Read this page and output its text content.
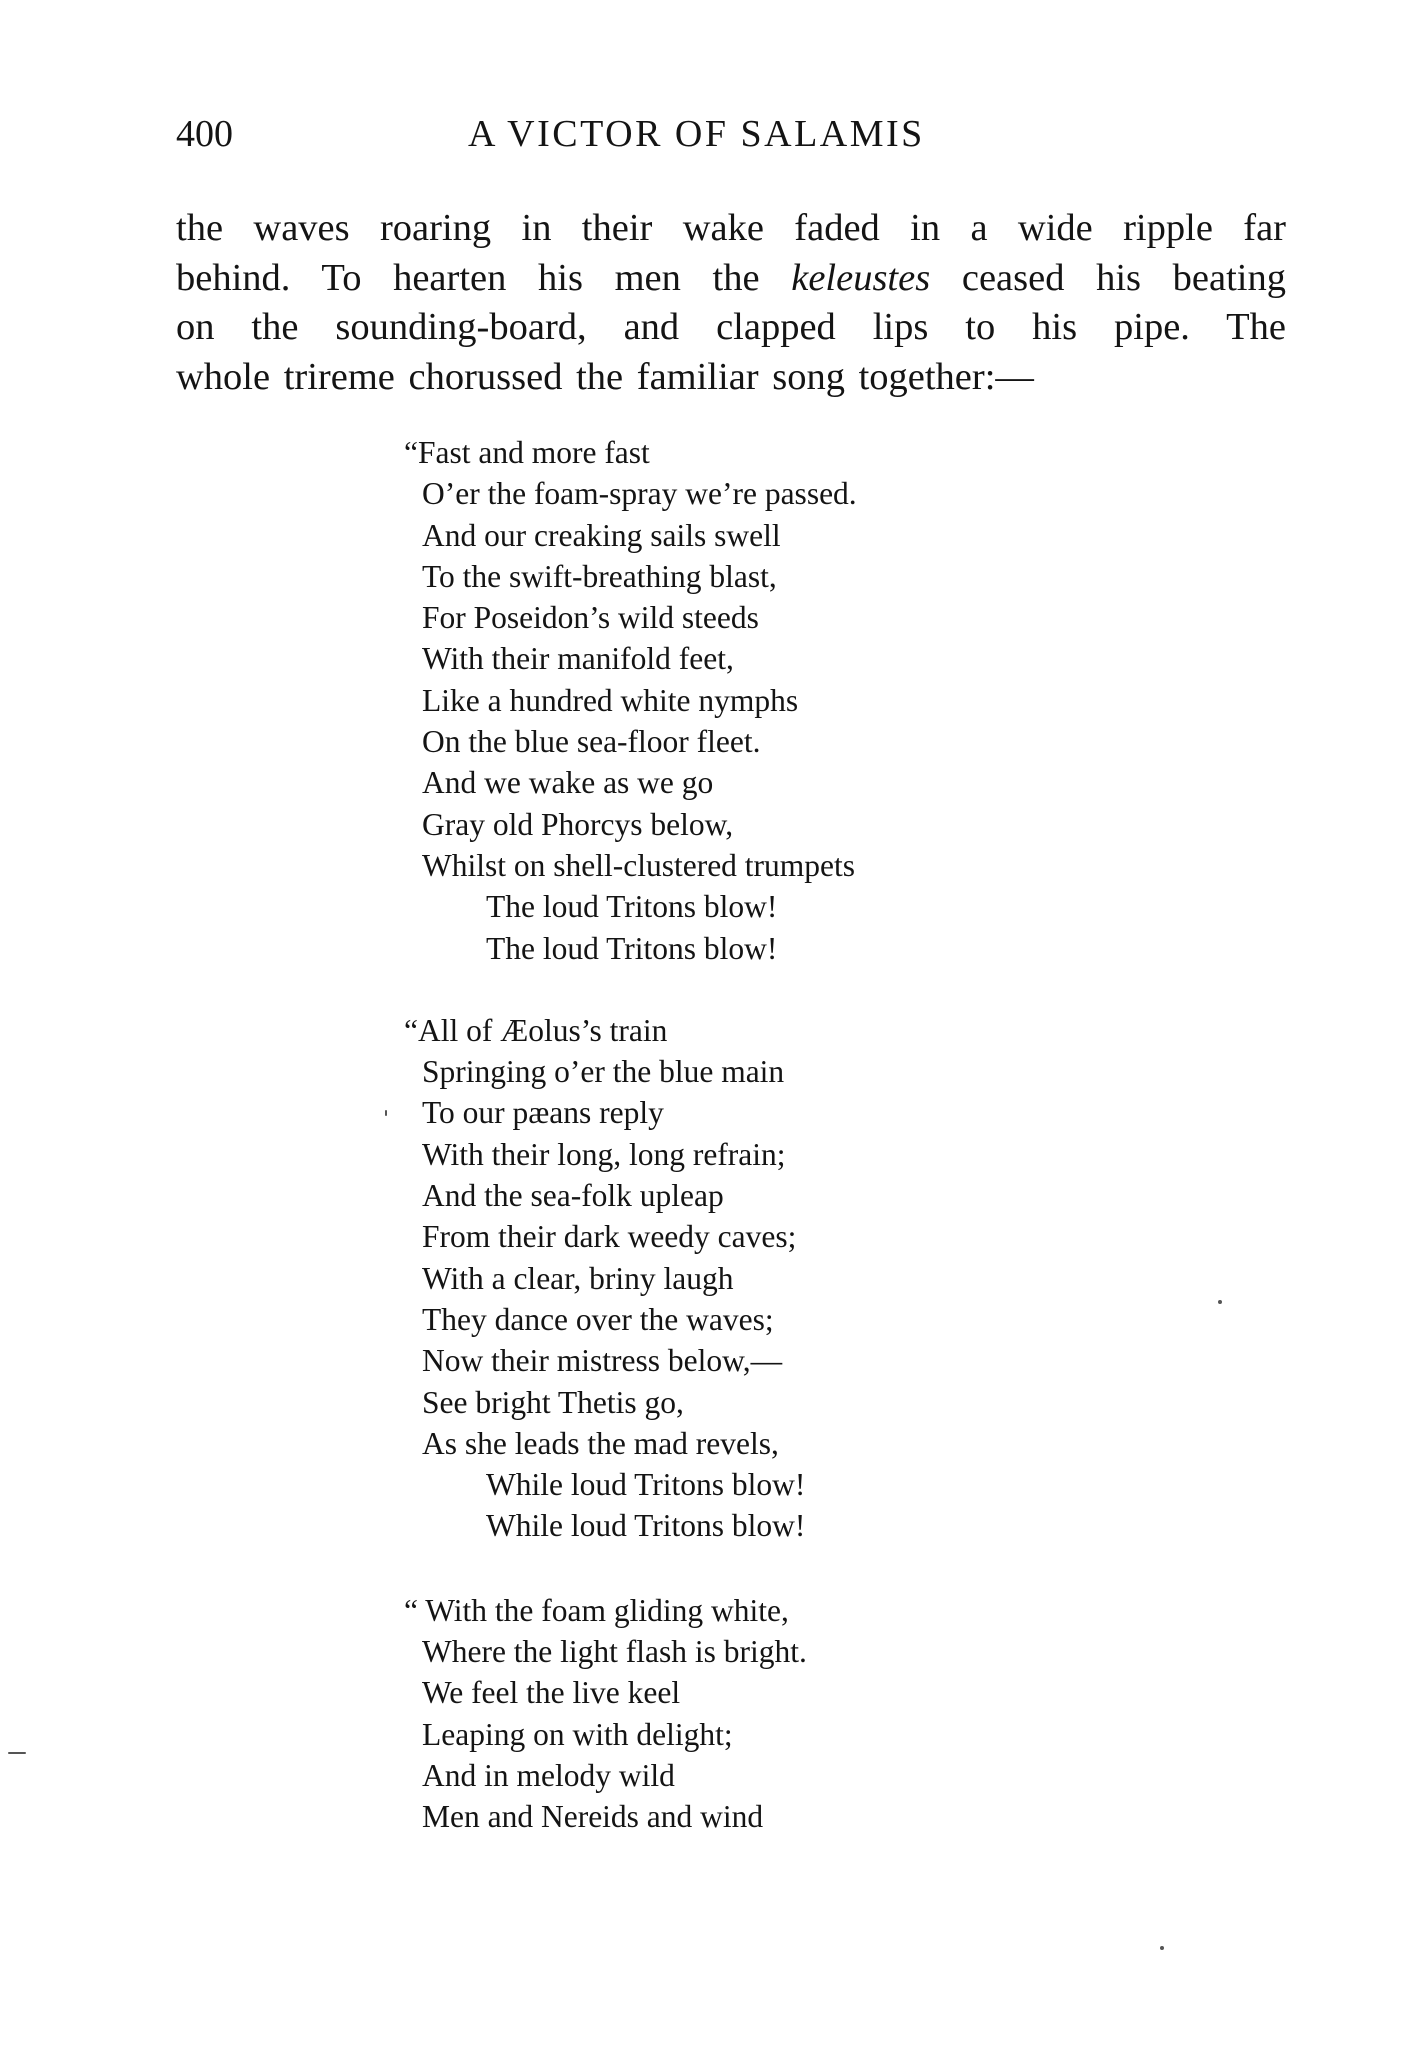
400	A VICTOR OF SALAMIS
the waves roaring in their wake faded in a wide ripple far
behind. To hearten his men the keleustes ceased his beating
on the sounding-board, and clapped lips to his pipe. The
whole trireme chorussed the familiar song together:—
“Fast and more fast
O’er the foam-spray we’re passed.
And our creaking sails swell
To the swift-breathing blast,
For Poseidon’s wild steeds
With their manifold feet,
Like a hundred white nymphs
On the blue sea-floor fleet.
And we wake as we go
Gray old Phorcys below,
Whilst on shell-clustered trumpets
The loud Tritons blow!
The loud Tritons blow!
“All of Æolus’s train
Springing o’er the blue main
To our pæans reply
With their long, long refrain;
And the sea-folk upleap
From their dark weedy caves;
With a clear, briny laugh
They dance over the waves;
Now their mistress below,—
See bright Thetis go,
As she leads the mad revels,
While loud Tritons blow!
While loud Tritons blow!
“ With the foam gliding white,
Where the light flash is bright.
We feel the live keel
Leaping on with delight;
And in melody wild
Men and Nereids and wind
